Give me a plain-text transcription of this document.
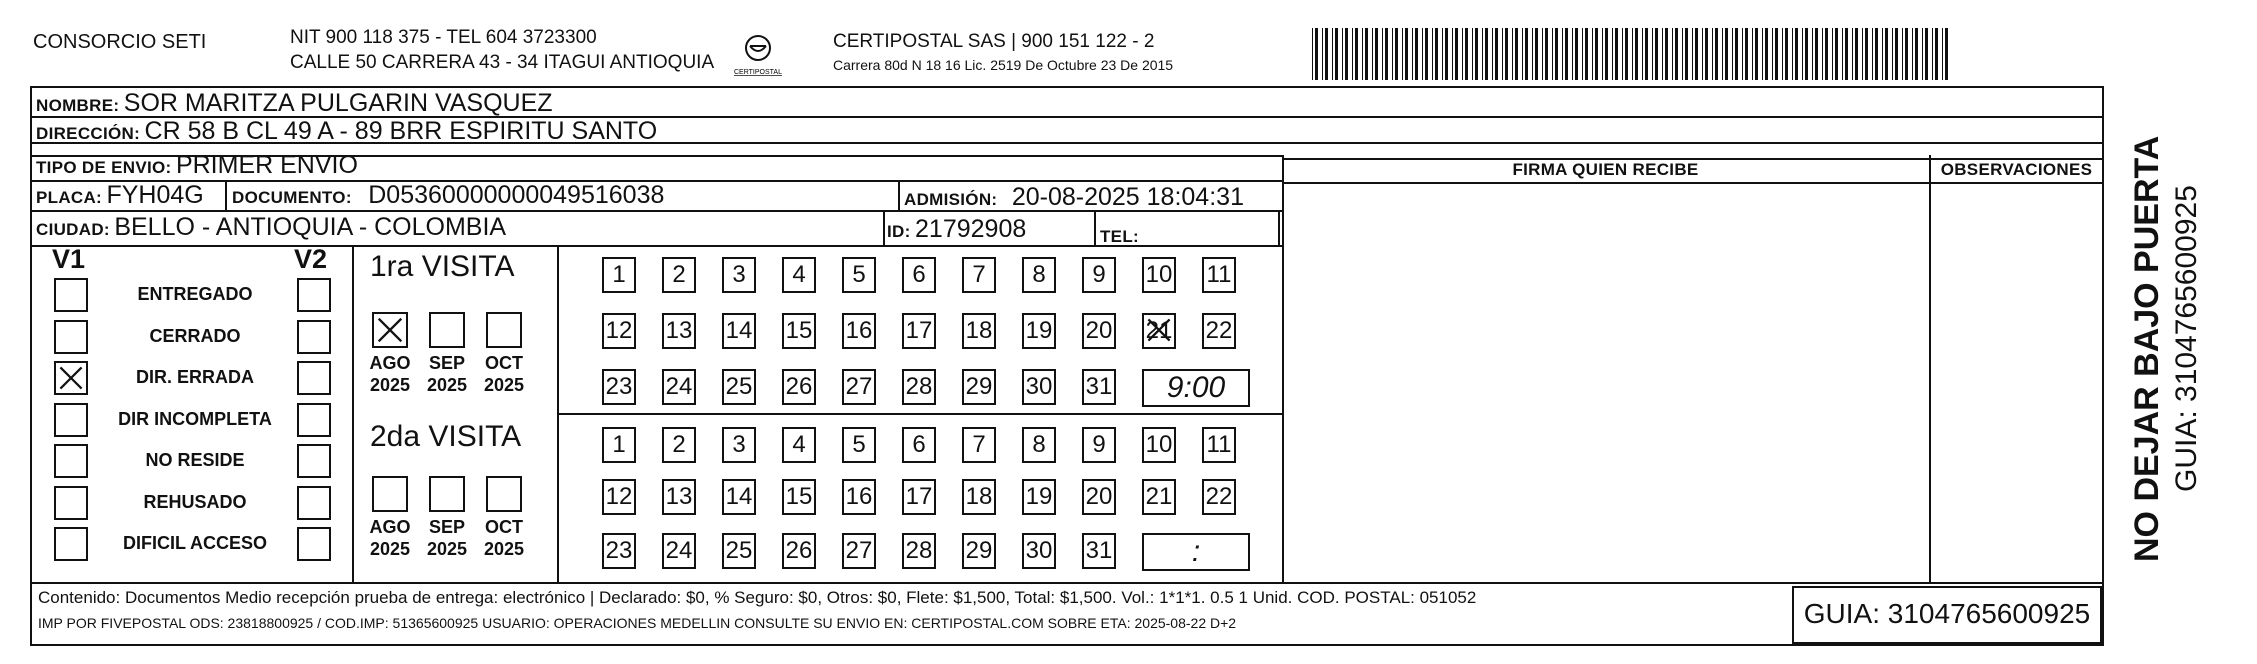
CONSORCIO SETI	NIT 900 118 375 - TEL 604 3723300
CALLE 50 CARRERA 43 - 34 ITAGUI ANTIOQUIA	CERTIPOSTAL
CERTIPOSTAL SAS | 900 151 122 - 2
Carrera 80d N 18 16 Lic. 2519 De Octubre 23 De 2015
NOMBRE: SOR MARITZA PULGARIN VASQUEZ
DIRECCIÓN: CR 58 B CL 49 A - 89 BRR ESPIRITU SANTO
TIPO DE ENVIO: PRIMER ENVIO
PLACA: FYH04G DOCUMENTO: D05360000000049516038	ADMISIÓN: 20-08-2025 18:04:31
CIUDAD: BELLO - ANTIOQUIA - COLOMBIA	ID: 21792908	TEL:
FIRMA QUIEN RECIBE	OBSERVACIONES
V1	V2
ENTREGADO
CERRADO
DIR. ERRADA
DIR INCOMPLETA
NO RESIDE
REHUSADO
DIFICIL ACCESO
1ra VISITA
2da VISITA
AGO
2025
SEP
2025
OCT
2025
AGO
2025
SEP
2025
OCT
2025
1	2	3	4	5	6	7	8	9	10 11
12 13 14 15 16 17 18 19 20 21 22
23 24 25 26 27 28 29 30 31	9:00
1	2	3	4	5	6	7	8	9	10 11
12 13 14 15 16 17 18 19 20 21 22
23 24 25 26 27 28 29 30 31	:
Contenido: Documentos Medio recepción prueba de entrega: electrónico | Declarado: $0, % Seguro: $0, Otros: $0, Flete: $1,500, Total: $1,500. Vol.: 1*1*1. 0.5 1 Unid. COD. POSTAL: 051052
IMP POR FIVEPOSTAL ODS: 23818800925 / COD.IMP: 51365600925 USUARIO: OPERACIONES MEDELLIN CONSULTE SU ENVIO EN: CERTIPOSTAL.COM SOBRE ETA: 2025-08-22 D+2	GUIA: 3104765600925
NO DEJAR BAJO PUERTA GUIA: 3104765600925
